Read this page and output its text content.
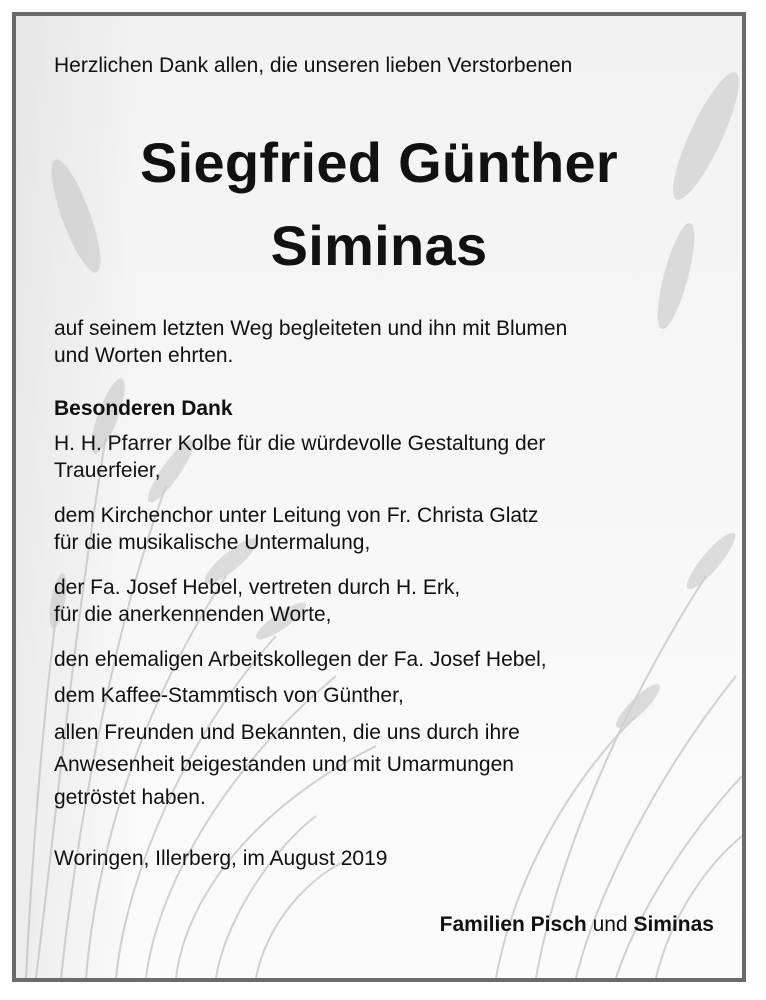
Herzlichen Dank allen, die unseren lieben Verstorbenen
Siegfried Günther
Siminas
auf seinem letzten Weg begleiteten und ihn mit Blumen
und Worten ehrten.
Besonderen Dank
H. H. Pfarrer Kolbe für die würdevolle Gestaltung der
Trauerfeier,
dem Kirchenchor unter Leitung von Fr. Christa Glatz
für die musikalische Untermalung,
der Fa. Josef Hebel, vertreten durch H. Erk,
für die anerkennenden Worte,
den ehemaligen Arbeitskollegen der Fa. Josef Hebel,
dem Kaffee-Stammtisch von Günther,
allen Freunden und Bekannten, die uns durch ihre
Anwesenheit beigestanden und mit Umarmungen
getröstet haben.
Woringen, Illerberg, im August 2019
Familien Pisch und Siminas
